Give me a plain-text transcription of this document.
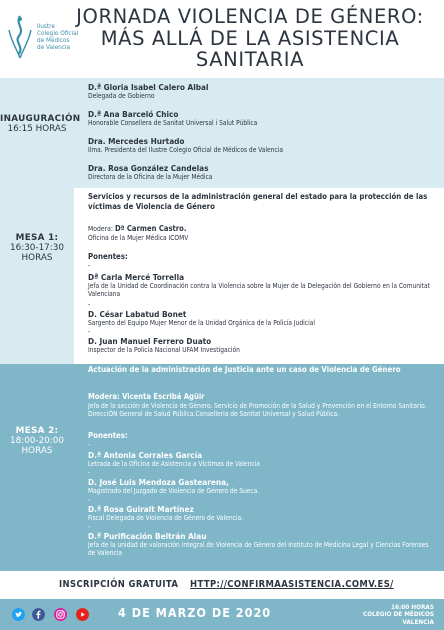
Ilustre
Colegio Oficial
de Médicos
de Valencia
JORNADA VIOLENCIA DE GÉNERO:
MÁS ALLÁ DE LA ASISTENCIA
SANITARIA
INAUGURACIÓN
16:15 HORAS
D.ª Gloria Isabel Calero Albal
Delegada de Gobierno
D.ª Ana Barceló Chico
Honorable Consellera de Sanitat Universal i Salut Pública
Dra. Mercedes Hurtado
Ilma. Presidenta del Ilustre Colegio Oficial de Médicos de Valencia
Dra. Rosa González Candelas
Directora de la Oficina de la Mujer Médica
MESA 1:
16:30-17:30
HORAS
Servicios y recursos de la administración general del estado para la protección de las víctimas de Violencia de Género
Modera: Dª Carmen Castro.
Oficina de la Mujer Médica ICOMV
Ponentes:
-
Dª Carla Mercé Torrella
Jefa de la Unidad de Coordinación contra la Violencia sobre la Mujer de la Delegación del Gobierno en la Comunitat Valenciana
-
D. César Labatud Bonet
Sargento del Equipo Mujer Menor de la Unidad Orgánica de la Policía Judicial
-
D. Juan Manuel Ferrero Duato
Inspector de la Policía Nacional UFAM Investigación
MESA 2:
18:00-20:00
HORAS
Actuación de la administración de Justicia ante un caso de Violencia de Género
Modera: Vicenta Escribá Agüir
Jefa de la sección de Violencia de Género. Servicio de Promoción de la Salud y Prevención en el Entorno Sanitario. DirecciÓN General de Salud Pública.Conselleria de Sanitat Universal y Salud Pública.
Ponentes:
-
D.ª Antonia Corrales García
Letrada de la Oficina de Asistencia a Víctimas de Valencia
-
D. José Luis Mendoza Gastearena,
Magistrado del Juzgado de Violencia de Género de Sueca.
-
D.ª Rosa Guiralt Martínez
Fiscal Delegada de Violencia de Género de Valencia.
-
D.ª Purificación Beltrán Alau
Jefa de la unidad de valoración integral de Violencia de Género del Instituto de Medicina Legal y Ciencias Forenses de Valencia
INSCRIPCIÓN GRATUITA HTTP://CONFIRMAASISTENCIA.COMV.ES/
4 DE MARZO DE 2020	16:00 HORAS
COLEGIO DE MÉDICOS
VALENCIA
